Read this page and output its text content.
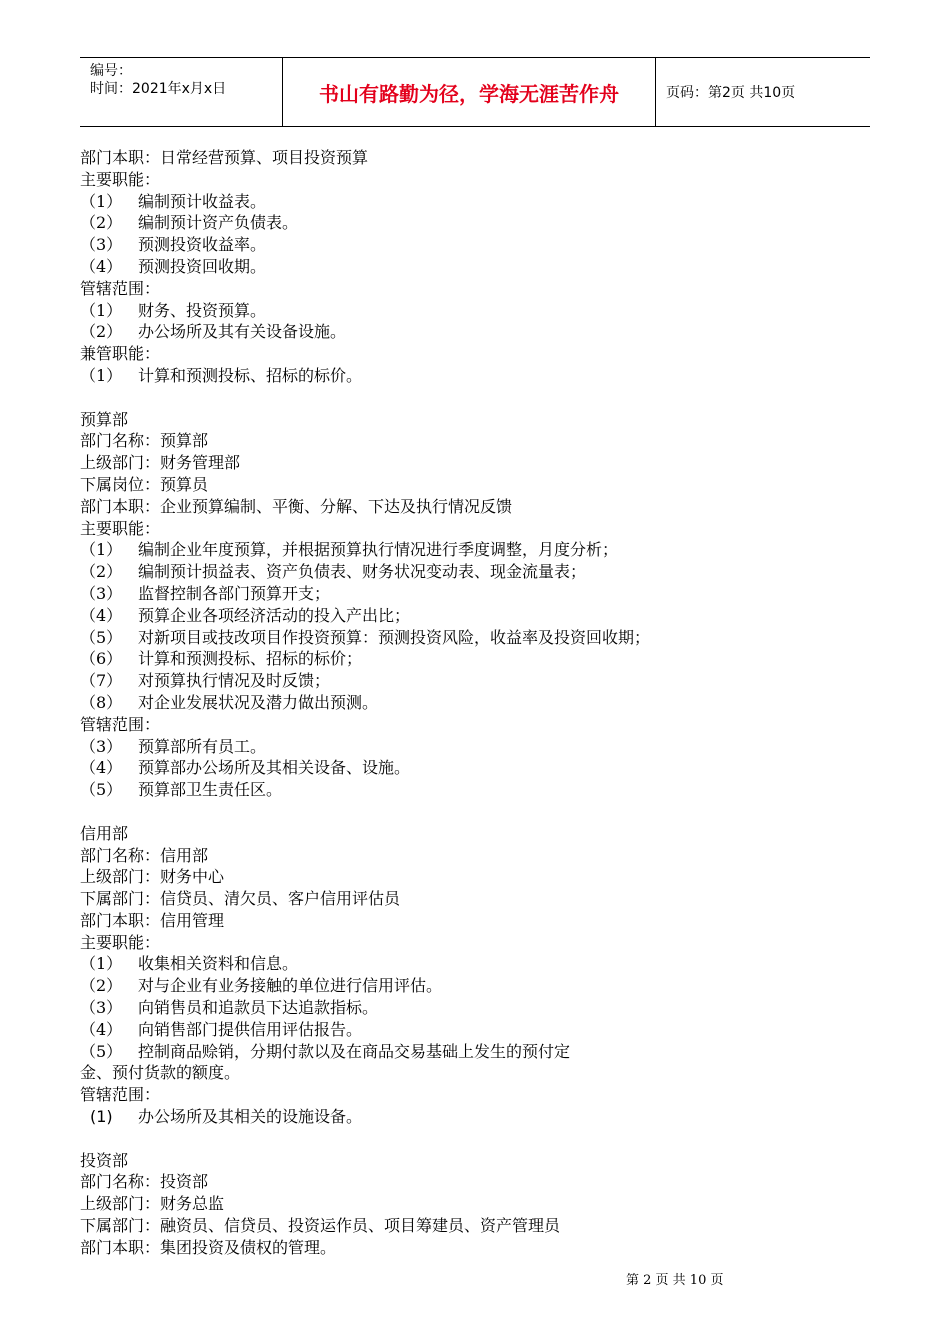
编号：
时间：2021年x月x日	书山有路勤为径，学海无涯苦作舟	页码：第2页 共10页
部门本职：日常经营预算、项目投资预算
主要职能：
（1） 编制预计收益表。
（2） 编制预计资产负债表。
（3） 预测投资收益率。
（4） 预测投资回收期。
管辖范围：
（1） 财务、投资预算。
（2） 办公场所及其有关设备设施。
兼管职能：
（1） 计算和预测投标、招标的标价。
预算部
部门名称：预算部
上级部门：财务管理部
下属岗位：预算员
部门本职：企业预算编制、平衡、分解、下达及执行情况反馈
主要职能：
（1） 编制企业年度预算，并根据预算执行情况进行季度调整，月度分析；
（2） 编制预计损益表、资产负债表、财务状况变动表、现金流量表；
（3） 监督控制各部门预算开支；
（4） 预算企业各项经济活动的投入产出比；
（5） 对新项目或技改项目作投资预算：预测投资风险，收益率及投资回收期；
（6） 计算和预测投标、招标的标价；
（7） 对预算执行情况及时反馈；
（8） 对企业发展状况及潜力做出预测。
管辖范围：
（3） 预算部所有员工。
（4） 预算部办公场所及其相关设备、设施。
（5） 预算部卫生责任区。
信用部
部门名称：信用部
上级部门：财务中心
下属部门：信贷员、清欠员、客户信用评估员
部门本职：信用管理
主要职能：
（1） 收集相关资料和信息。
（2） 对与企业有业务接触的单位进行信用评估。
（3） 向销售员和追款员下达追款指标。
（4） 向销售部门提供信用评估报告。
（5） 控制商品赊销，分期付款以及在商品交易基础上发生的预付定
金、预付货款的额度。
管辖范围：
(1) 办公场所及其相关的设施设备。
投资部
部门名称：投资部
上级部门：财务总监
下属部门：融资员、信贷员、投资运作员、项目筹建员、资产管理员
部门本职：集团投资及债权的管理。
第 2 页 共 10 页
